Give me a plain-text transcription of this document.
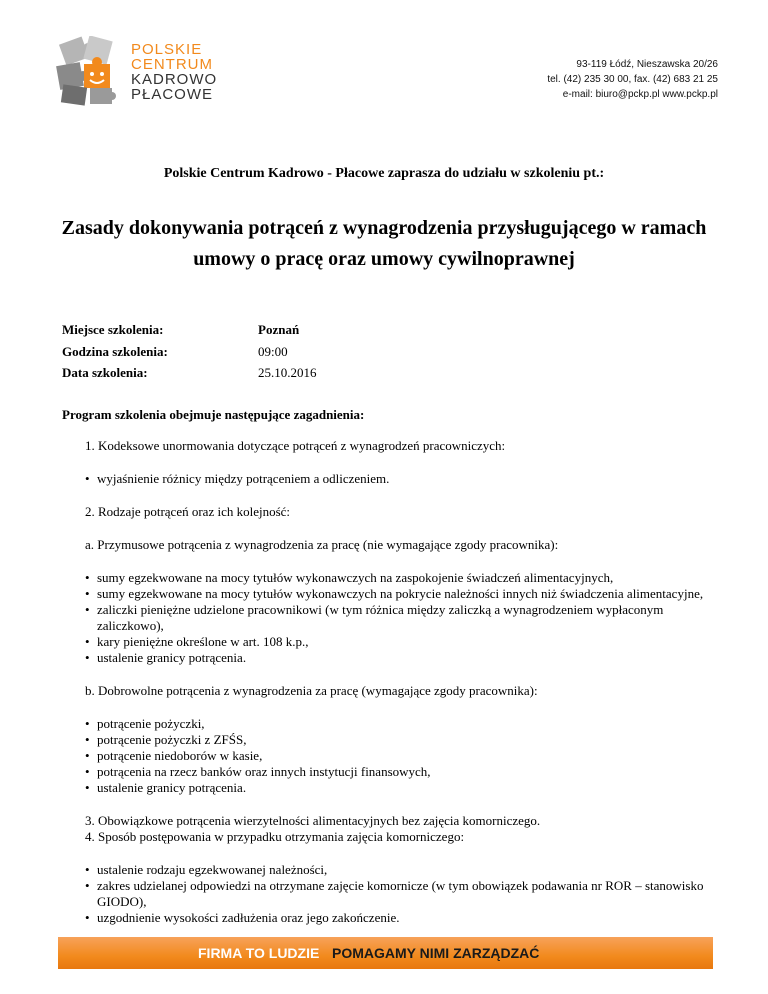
POLSKIE
CENTRUM
KADROWO
PŁACOWE
93-119 Łódź, Nieszawska 20/26
tel. (42) 235 30 00, fax. (42) 683 21 25
e-mail: biuro@pckp.pl www.pckp.pl
Polskie Centrum Kadrowo - Płacowe zaprasza do udziału w szkoleniu pt.:
Zasady dokonywania potrąceń z wynagrodzenia przysługującego w ramach umowy o pracę oraz umowy cywilnoprawnej
Miejsce szkolenia:	Poznań
Godzina szkolenia:	09:00
Data szkolenia:	25.10.2016
Program szkolenia obejmuje następujące zagadnienia:

1. Kodeksowe unormowania dotyczące potrąceń z wynagrodzeń pracowniczych:

• wyjaśnienie różnicy między potrąceniem a odliczeniem.

2. Rodzaje potrąceń oraz ich kolejność:

a. Przymusowe potrącenia z wynagrodzenia za pracę (nie wymagające zgody pracownika):

• sumy egzekwowane na mocy tytułów wykonawczych na zaspokojenie świadczeń alimentacyjnych,
• sumy egzekwowane na mocy tytułów wykonawczych na pokrycie należności innych niż świadczenia alimentacyjne,
• zaliczki pieniężne udzielone pracownikowi (w tym różnica między zaliczką a wynagrodzeniem wypłaconym zaliczkowo),
• kary pieniężne określone w art. 108 k.p.,
• ustalenie granicy potrącenia.

b. Dobrowolne potrącenia z wynagrodzenia za pracę (wymagające zgody pracownika):

• potrącenie pożyczki,
• potrącenie pożyczki z ZFŚS,
• potrącenie niedoborów w kasie,
• potrącenia na rzecz banków oraz innych instytucji finansowych,
• ustalenie granicy potrącenia.

3. Obowiązkowe potrącenia wierzytelności alimentacyjnych bez zajęcia komorniczego.

4. Sposób postępowania w przypadku otrzymania zajęcia komorniczego:

• ustalenie rodzaju egzekwowanej należności,
• zakres udzielanej odpowiedzi na otrzymane zajęcie komornicze (w tym obowiązek podawania nr ROR – stanowisko GIODO),
• uzgodnienie wysokości zadłużenia oraz jego zakończenie.
FIRMA TO LUDZIE POMAGAMY NIMI ZARZĄDZAĆ
